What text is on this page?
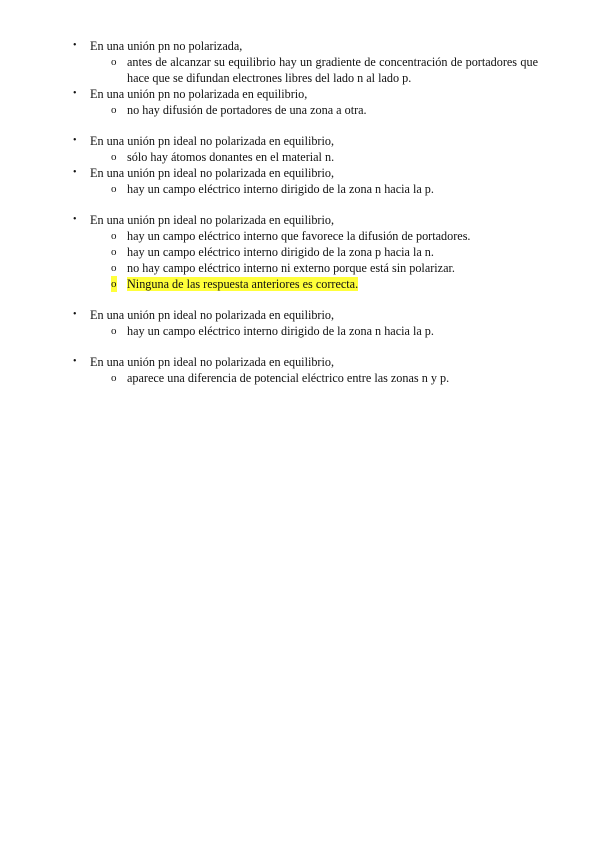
• En una unión pn no polarizada,
o antes de alcanzar su equilibrio hay un gradiente de concentración de portadores que hace que se difundan electrones libres del lado n al lado p.
• En una unión pn no polarizada en equilibrio,
o no hay difusión de portadores de una zona a otra.
• En una unión pn ideal no polarizada en equilibrio,
o sólo hay átomos donantes en el material n.
• En una unión pn ideal no polarizada en equilibrio,
o hay un campo eléctrico interno dirigido de la zona n hacia la p.
• En una unión pn ideal no polarizada en equilibrio,
o hay un campo eléctrico interno que favorece la difusión de portadores.
o hay un campo eléctrico interno dirigido de la zona p hacia la n.
o no hay campo eléctrico interno ni externo porque está sin polarizar.
o Ninguna de las respuesta anteriores es correcta.
• En una unión pn ideal no polarizada en equilibrio,
o hay un campo eléctrico interno dirigido de la zona n hacia la p.
• En una unión pn ideal no polarizada en equilibrio,
o aparece una diferencia de potencial eléctrico entre las zonas n y p.
